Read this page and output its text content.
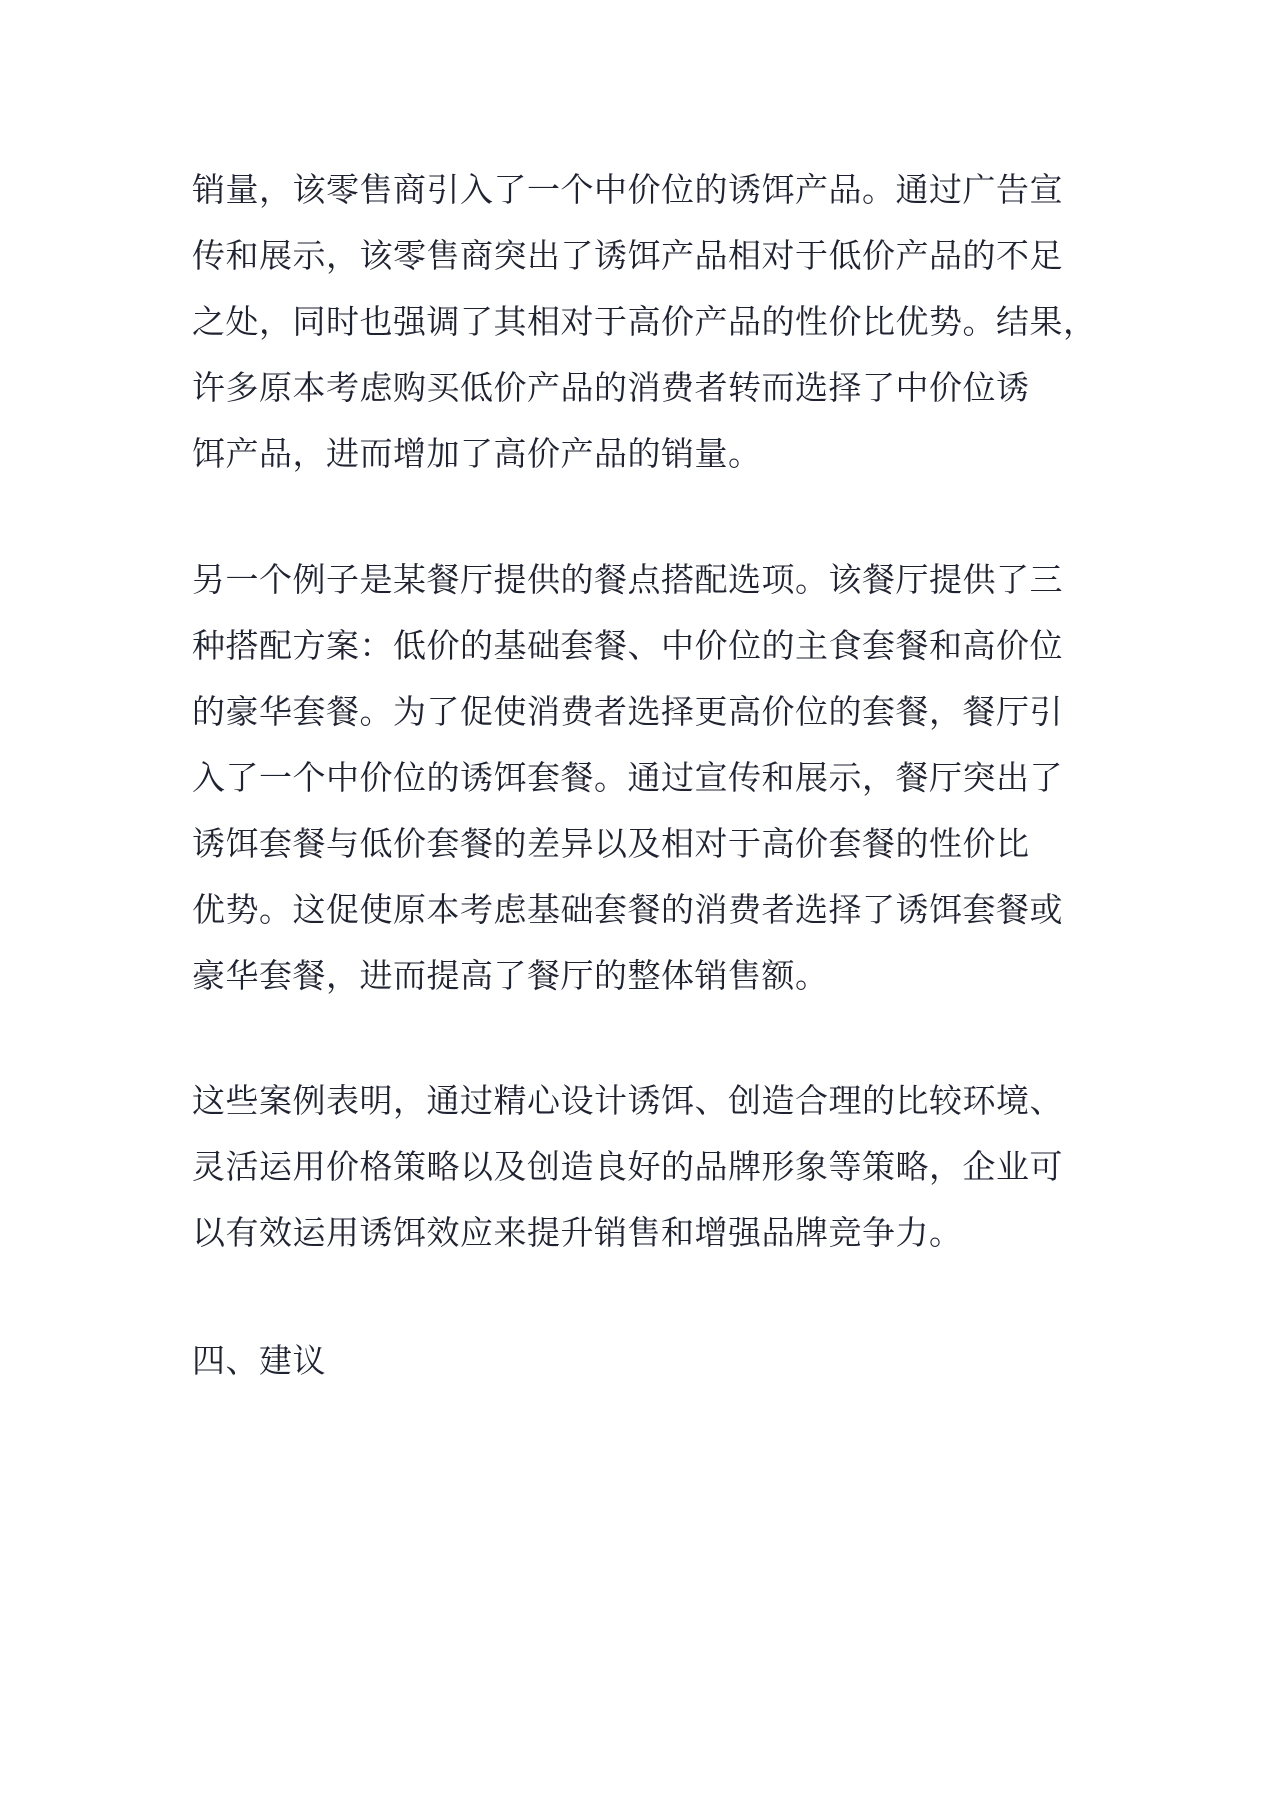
销量，该零售商引入了一个中价位的诱饵产品。通过广告宣
传和展示，该零售商突出了诱饵产品相对于低价产品的不足
之处，同时也强调了其相对于高价产品的性价比优势。结果，
许多原本考虑购买低价产品的消费者转而选择了中价位诱
饵产品，进而增加了高价产品的销量。
另一个例子是某餐厅提供的餐点搭配选项。该餐厅提供了三
种搭配方案：低价的基础套餐、中价位的主食套餐和高价位
的豪华套餐。为了促使消费者选择更高价位的套餐，餐厅引
入了一个中价位的诱饵套餐。通过宣传和展示，餐厅突出了
诱饵套餐与低价套餐的差异以及相对于高价套餐的性价比
优势。这促使原本考虑基础套餐的消费者选择了诱饵套餐或
豪华套餐，进而提高了餐厅的整体销售额。
这些案例表明，通过精心设计诱饵、创造合理的比较环境、
灵活运用价格策略以及创造良好的品牌形象等策略，企业可
以有效运用诱饵效应来提升销售和增强品牌竞争力。
四、建议
